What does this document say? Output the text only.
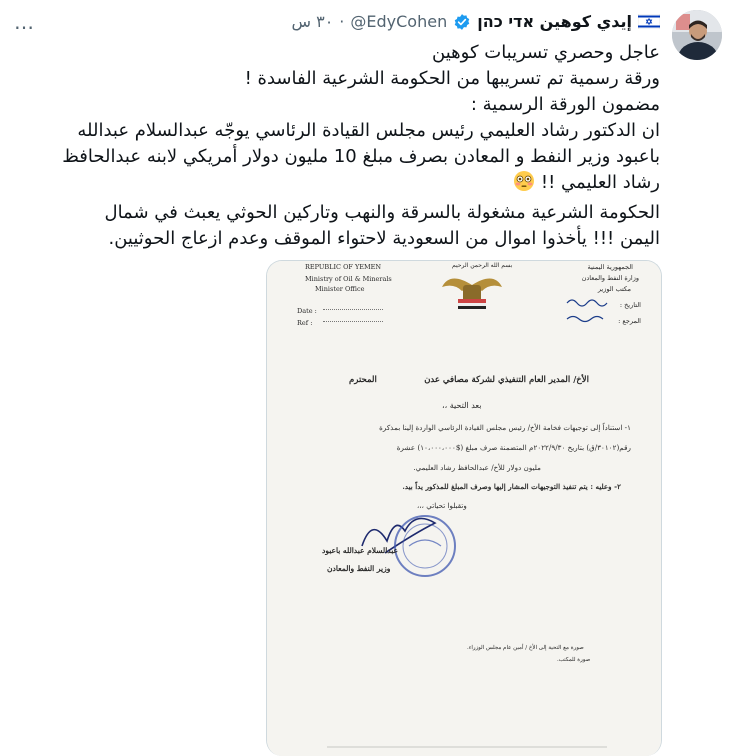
…	إيدي كوهين אדי כהן
@EdyCohen
·
٣٠ س

عاجل وحصري تسريبات كوهين

ورقة رسمية تم تسريبها من الحكومة الشرعية الفاسدة !

مضمون الورقة الرسمية :

ان الدكتور رشاد العليمي رئيس مجلس القيادة الرئاسي يوجّه عبدالسلام عبدالله باعبود وزير النفط و المعادن بصرف مبلغ 10 مليون دولار أمريكي لابنه عبدالحافظ رشاد العليمي !!

الحكومة الشرعية مشغولة بالسرقة والنهب وتاركين الحوثي يعبث في شمال اليمن !!! يأخذوا اموال من السعودية لاحتواء الموقف وعدم ازعاج الحوثيين.

REPUBLIC OF YEMEN
Ministry of Oil & Minerals
Minister Office
Date :
Ref :
بسم الله الرحمن الرحيم	الجمهورية اليمنية
وزارة النفط والمعادن
مكتب الوزير
التاريخ :
المرجع :
الأخ/ المدير العام التنفيذي لشركة مصافي عدن
المحترم
بعد التحية ،،
١- استناداً إلى توجيهات فخامة الأخ/ رئيس مجلس القيادة الرئاسي الواردة إلينا بمذكرة
رقم(٣٠١٠٢/ق) بتاريخ ٢٠٢٢/٩/٣٠م المتضمنة صرف مبلغ ($١٠،٠٠٠،٠٠٠) عشرة
مليون دولار للأخ/ عبدالحافظ رشاد العليمي.
٢- وعليه : يتم تنفيذ التوجيهات المشار إليها وصرف المبلغ للمذكور يداً بيد.
وتقبلوا تحياتي ،،،
عبدالسلام عبدالله باعبود
وزير النفط والمعادن
صورة مع التحية إلى الأخ / أمين عام مجلس الوزراء.
صورة للمكتب.
